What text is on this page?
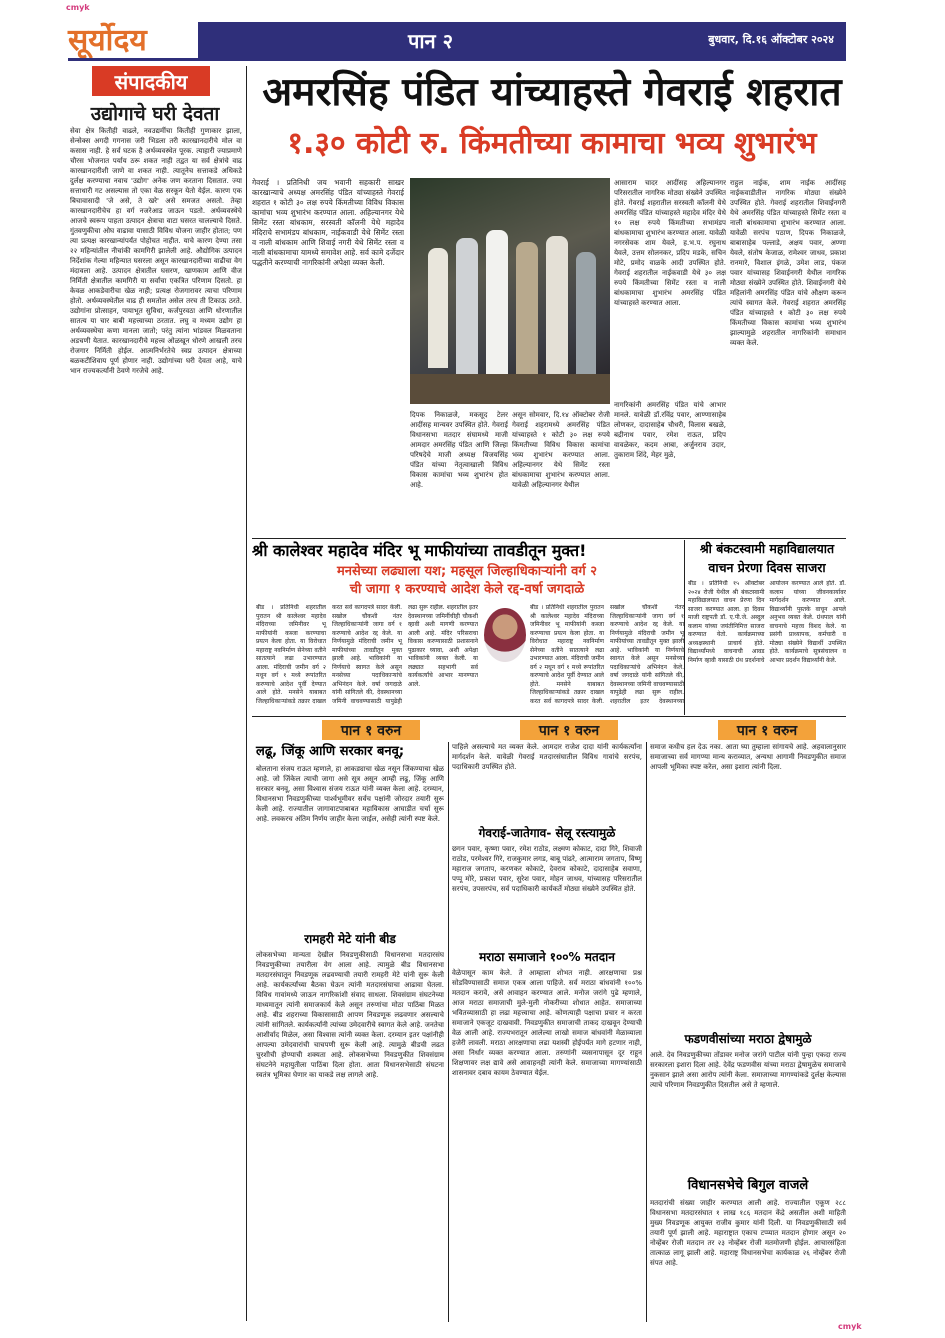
cmyk
cmyk
सूर्योदय	पान २	बुधवार, दि.१६ ऑक्टोबर २०२४
संपादकीय
उद्योगाचे घरी देवता
सेवा क्षेत्र कितीही वाढले, नवउद्यमींचा कितीही गुणाकार झाला, सेन्सेक्स अगदी गगनास जरी भिडला तरी कारखानदारीचे मोल वा कसास नाही. हे सर्व घटक है अर्थव्यवस्थेत पूरक. त्याहारी ज्याप्रमाणे चौरस भोजनात पर्याय ठरू शकत नाही तद्वत या सर्व क्षेत्रांचे वाढ कारखानदारीशी जाणे वा शकत नाही. त्यातूनेच सत्ताकडे अधिकडे दुर्लक्ष करण्याचा नवाच 'उद्योग' अनेक जण करताना दिसतात. ज्या सत्ताधारी गट असल्यास तो एका वेळ सरकून येतो येईल. कारण एक बिचावासादी 'जे असे, ते खरे' असे समजत असतो. तेव्हा कारखानदारीचेच हा वर्ग नजरेआड जाऊन पडतो. अर्थव्यवस्थेचे आजचे स्वरूप पाहता उत्पादन क्षेत्राचा वाटा घसरत चालल्याचे दिसते. गुंतवणुकीचा ओघ वाढावा यासाठी विविध योजना जाहीर होतात; पण त्या प्रत्यक्ष कारखान्यांपर्यंत पोहोचत नाहीत. याचे कारण देण्या तसा २२ महिन्यांतील नीचांकी कामगिरी झालेली आहे. औद्योगिक उत्पादन निर्देशांक गेल्या महिन्यात घसरला असून कारखानदारीच्या वाढीचा वेग मंदावला आहे. उत्पादन क्षेत्रातील घसरण, खाणकाम आणि वीज निर्मिती क्षेत्रातील कामगिरी या सर्वांचा एकत्रित परिणाम दिसतो. हा केवळ आकडेवारीचा खेळ नाही; प्रत्यक्ष रोजगारावर त्याचा परिणाम होतो. अर्थव्यवस्थेतील वाढ ही समतोल असेल तरच ती टिकाऊ ठरते. उद्योगांना प्रोत्साहन, पायाभूत सुविधा, कर्जपुरवठा आणि धोरणातील सातत्य या चार बाबी महत्त्वाच्या ठरतात. लघु व मध्यम उद्योग हा अर्थव्यवस्थेचा कणा मानला जातो; परंतु त्यांना भांडवल मिळवताना अडचणी येतात. कारखानदारीचे महत्त्व ओळखून धोरणे आखली तरच रोजगार निर्मिती होईल. आत्मनिर्भरतेचे स्वप्न उत्पादन क्षेत्राच्या बळकटीशिवाय पूर्ण होणार नाही. उद्योगांच्या घरी देवता आहे, याचे भान राज्यकर्त्यांनी ठेवणे गरजेचे आहे.
अमरसिंह पंडित यांच्याहस्ते गेवराई शहरात
१.३० कोटी रु. किंमतीच्या कामाचा भव्य शुभारंभ
गेवराई । प्रतिनिधी जय भवानी सहकारी साखर कारखान्याचे अध्यक्ष अमरसिंह पंडित यांच्याहस्ते गेवराई शहरात १ कोटी ३० लक्ष रुपये किंमतीच्या विविध विकास कामांचा भव्य शुभारंभ करण्यात आला. अहिल्यानगर येथे सिमेंट रस्ता बांधकाम, सरस्वती कॉलनी येथे महादेव मंदिराचे सभामंडप बांधकाम, नाईकवाडी येथे सिमेंट रस्ता व नाली बांधकाम आणि शिवाई नगरी येथे सिमेंट रस्ता व नाली बांधकामाचा यामध्ये समावेश आहे. सर्व कामे दर्जेदार पद्धतीने करण्याची नागरिकांनी अपेक्षा व्यक्त केली.
दिपक निकाळजे, मकसूद टेलर आदींसह मान्यवर उपस्थित होते. गेवराई विधानसभा मतदार संघामध्ये माजी आमदार अमरसिंह पंडित आणि जिल्हा परिषदेचे माजी अध्यक्ष विजयसिंह पंडित यांच्या नेतृत्वाखाली विविध विकास कामांचा भव्य शुभारंभ होत आहे.
असून सोमवार, दि.१४ ऑक्टोबर रोजी गेवराई शहरामध्ये अमरसिंह पंडित यांच्याहस्ते १ कोटी ३० लक्ष रुपये किंमतीच्या विविध विकास कामांचा भव्य शुभारंभ करण्यात आला. अहिल्यानगर येथे सिमेंट रस्ता बांधकामाचा शुभारंभ करण्यात आला. यावेळी अहिल्यानगर येथील
आसाराम चादर आदींसह अहिल्यानगर परिसरातील नागरिक मोठ्या संख्येने उपस्थित होते. गेवराई शहरातील सरस्वती कॉलनी येथे अमरसिंह पंडित यांच्याहस्ते महादेव मंदिर येथे १० लक्ष रुपये किंमतीच्या सभामंडप बांधकामाचा शुभारंभ करण्यात आला. यावेळी नगरसेवक शाम येवले, ह.भ.प. रघुनाथ येवले, उत्तम सोलनकर, प्रदिप मडके, सचिन मोटे, प्रमोद वाळके आदी उपस्थित होते. गेवराई शहरातील नाईकवाडी येथे ३० लक्ष रुपये किंमतीच्या सिमेंट रस्ता व नाली बांधकामाचा शुभारंभ अमरसिंह पंडित यांच्याहस्ते करण्यात आला.
नागरिकांनी अमरसिंह पंडित यांचे आभार मानले. यावेळी डॉ.रविंद्र पवार, आण्णासाहेब लोणकर, दादासाहेब चौधरी, विलास बखळे, बद्रीनाथ पवार, रमेश राऊत, प्रदिप वावळेकर, कदम आबा, अर्जुनराव उदार, तुकाराम शिंदे, मेहर मुळे,
राहुल नाईक, शाम नाईक आदींसह नाईकवाडीतील नागरिक मोठ्या संख्येने उपस्थित होते. गेवराई शहरातील शिवाईनगरी येथे अमरसिंह पंडित यांच्याहस्ते सिमेंट रस्ता व नाली बांधकामाचा शुभारंभ करण्यात आला. यावेळी सरपंच पठाण, दिपक निकाळजे, बाबासाहेब पल्लाडे, अक्षय पवार, अण्णा येवले, संतोष केजाळ, रामेश्वर जाधव, प्रकाश रानमारे, विशाल इंगळे, उमेश लाड, पंकज पवार यांच्यासह शिवाईनगरी येथील नागरिक मोठ्या संख्येने उपस्थित होते. शिवाईनगरी येथे महिलांनी अमरसिंह पंडित यांचे औक्षण करून त्यांचे स्वागत केले. गेवराई शहरात अमरसिंह पंडित यांच्याहस्ते १ कोटी ३० लक्ष रुपये किंमतीच्या विकास कामांचा भव्य शुभारंभ झाल्यामुळे शहरातील नागरिकांनी समाधान व्यक्त केले.
श्री कालेश्वर महादेव मंदिर भू माफीयांच्या तावडीतून मुक्त!
मनसेच्या लढ्याला यश; महसूल जिल्हाधिकाऱ्यांनी वर्ग २
ची जागा १ करण्याचे आदेश केले रद्द-वर्षा जगदाळे
बीड । प्रतिनिधी शहरातील पुरातन श्री कालेश्वर महादेव मंदिराच्या जमिनीवर भू माफीयांनी कब्जा करण्याचा प्रयत्न केला होता. या विरोधात महाराष्ट्र नवनिर्माण सेनेच्या वतीने सातत्याने लढा उभारण्यात आला. मंदिराची जमीन वर्ग २ मधून वर्ग १ मध्ये रूपांतरित करण्याचे आदेश पूर्वी देण्यात आले होते. मनसेने याबाबत जिल्हाधिकाऱ्यांकडे तक्रार दाखल करत सर्व कागदपत्रे सादर केली. सखोल चौकशी नंतर जिल्हाधिकाऱ्यांनी जागा वर्ग १ करण्याचे आदेश रद्द केले. या निर्णयामुळे मंदिराची जमीन भू माफीयांच्या तावडीतून मुक्त झाली आहे. भाविकांनी या निर्णयाचे स्वागत केले असून मनसेच्या पदाधिकाऱ्यांचे अभिनंदन केले. वर्षा जगदाळे यांनी सांगितले की, देवस्थानच्या जमिनी वाचवण्यासाठी यापुढेही लढा सुरू राहील. शहरातील इतर देवस्थानच्या जमिनींचीही चौकशी व्हावी अशी मागणी करण्यात आली आहे. मंदिर परिसराचा विकास करण्यासाठी प्रशासनाने पुढाकार घ्यावा, अशी अपेक्षा भाविकांनी व्यक्त केली. या लढ्यात सहभागी सर्व कार्यकर्त्यांचे आभार मानण्यात आले.
बीड । प्रतिनिधी शहरातील पुरातन श्री कालेश्वर महादेव मंदिराच्या जमिनीवर भू माफीयांनी कब्जा करण्याचा प्रयत्न केला होता. या विरोधात महाराष्ट्र नवनिर्माण सेनेच्या वतीने सातत्याने लढा उभारण्यात आला. मंदिराची जमीन वर्ग २ मधून वर्ग १ मध्ये रूपांतरित करण्याचे आदेश पूर्वी देण्यात आले होते. मनसेने याबाबत जिल्हाधिकाऱ्यांकडे तक्रार दाखल करत सर्व कागदपत्रे सादर केली. सखोल चौकशी नंतर जिल्हाधिकाऱ्यांनी जागा वर्ग १ करण्याचे आदेश रद्द केले. या निर्णयामुळे मंदिराची जमीन भू माफीयांच्या तावडीतून मुक्त झाली आहे. भाविकांनी या निर्णयाचे स्वागत केले असून मनसेच्या पदाधिकाऱ्यांचे अभिनंदन केले. वर्षा जगदाळे यांनी सांगितले की, देवस्थानच्या जमिनी वाचवण्यासाठी यापुढेही लढा सुरू राहील. शहरातील इतर देवस्थानच्या
श्री बंकटस्वामी महाविद्यालयात
वाचन प्रेरणा दिवस साजरा
बीड । प्रतिनिधी १५ ऑक्टोबर २०२४ रोजी येथील श्री बंकटस्वामी महाविद्यालयात वाचन प्रेरणा दिन साजरा करण्यात आला. हा दिवस माजी राष्ट्रपती डॉ. ए.पी.जे. अब्दुल कलाम यांच्या जयंतीनिमित्त साजरा करण्यात येतो. कार्यक्रमाच्या अध्यक्षस्थानी प्राचार्य होते. विद्यार्थ्यांमध्ये वाचनाची आवड निर्माण व्हावी यासाठी ग्रंथ प्रदर्शनाचे आयोजन करण्यात आले होते. डॉ. कलाम यांच्या जीवनकार्यावर मार्गदर्शन करण्यात आले. विद्यार्थ्यांनी पुस्तके वाचून आपले अनुभव व्यक्त केले. ग्रंथपाल यांनी वाचनाचे महत्त्व विशद केले. या प्रसंगी प्राध्यापक, कर्मचारी व मोठ्या संख्येने विद्यार्थी उपस्थित होते. कार्यक्रमाचे सूत्रसंचालन व आभार प्रदर्शन विद्यार्थ्यांनी केले.
पान १ वरुन	पान १ वरुन	पान १ वरुन
लढू, जिंकू आणि सरकार बनवू;
बोलताना संजय राऊत म्हणाले, हा आकड्याचा खेळ नसून जिंकण्याचा खेळ आहे. जो जिंकेल त्याची जागा असे सूत्र असून आम्ही लढू, जिंकू आणि सरकार बनवू, असा विश्वास संजय राऊत यांनी व्यक्त केला आहे. दरम्यान, विधानसभा निवडणुकीच्या पार्श्वभूमीवर सर्वच पक्षांनी जोरदार तयारी सुरू केली आहे. राज्यातील जागावाटपाबाबत महाविकास आघाडीत चर्चा सुरू आहे. लवकरच अंतिम निर्णय जाहीर केला जाईल, असेही त्यांनी स्पष्ट केले.
रामहरी मेटे यांनी बीड
लोकसभेच्या मान्यता देखील निवडणुकीसाठी विधानसभा मतदारसंघ निवडणुकीच्या तयारीला वेग आला आहे. त्यामुळे बीड विधानसभा मतदारसंघातून निवडणूक लढवण्याची तयारी रामहरी मेटे यांनी सुरू केली आहे. कार्यकर्त्यांच्या बैठका घेऊन त्यांनी मतदारसंघाचा आढावा घेतला. विविध गावांमध्ये जाऊन नागरिकांशी संवाद साधला. शिवसंग्राम संघटनेच्या माध्यमातून त्यांनी समाजकार्य केले असून तरुणांचा मोठा पाठिंबा मिळत आहे. बीड शहराच्या विकासासाठी आपण निवडणूक लढवणार असल्याचे त्यांनी सांगितले. कार्यकर्त्यांनी त्यांच्या उमेदवारीचे स्वागत केले आहे. जनतेचा आशीर्वाद मिळेल, असा विश्वास त्यांनी व्यक्त केला. दरम्यान इतर पक्षांनीही आपल्या उमेदवारांची चाचपणी सुरू केली आहे. त्यामुळे बीडची लढत चुरशीची होण्याची शक्यता आहे. लोकसभेच्या निवडणुकीत शिवसंग्राम संघटनेने महायुतीला पाठिंबा दिला होता. आता विधानसभेसाठी संघटना स्वतंत्र भूमिका घेणार का याकडे लक्ष लागले आहे.
पाहिले असल्याचे मत व्यक्त केले. आमदार राजेश दादा यांनी कार्यकर्त्यांना मार्गदर्शन केले. यावेळी गेवराई मतदारसंघातील विविध गावांचे सरपंच, पदाधिकारी उपस्थित होते.
गेवराई-जातेगाव- सेलू रस्त्यामुळे
छगन पवार, कृष्णा पवार, रमेश राठोड, लक्ष्मण कोकाट, दादा गिरे, शिवाजी राठोड, परमेश्वर गिरे, राजकुमार लगड, बाबू पांढरे, आत्माराम जगताप, विष्णू महाराज जगताप, करणकर कोकाटे, देवराव कोकाटे, दादासाहेब सवाणा, पप्पू मोरे, प्रकाश पवार, सुरेश पवार, मोहन जाधव, यांच्यासह परिसरातील सरपंच, उपसरपंच, सर्व पदाधिकारी कार्यकर्ते मोठ्या संख्येने उपस्थित होते.
मराठा समाजाने १००% मतदान
वेळेपासून काम केले. ते आम्हाला शोभत नाही. आरक्षणाचा प्रश्न सोडविण्यासाठी समाज एकत्र आला पाहिजे. सर्व मराठा बांधवांनी १००% मतदान करावे, असे आवाहन करण्यात आले. मनोज जरांगे पुढे म्हणाले, आज मराठा समाजाची मुले-मुली नोकरीच्या शोधात आहेत. समाजाच्या भवितव्यासाठी हा लढा महत्त्वाचा आहे. कोणत्याही पक्षाचा प्रचार न करता समाजाने एकजूट दाखवावी. निवडणुकीत समाजाची ताकद दाखवून देण्याची वेळ आली आहे. राज्यभरातून आलेल्या लाखो समाज बांधवांनी मेळाव्याला हजेरी लावली. मराठा आरक्षणाचा लढा यशस्वी होईपर्यंत मागे हटणार नाही, असा निर्धार व्यक्त करण्यात आला. तरुणांनी व्यसनापासून दूर राहून शिक्षणावर लक्ष द्यावे असे आवाहनही त्यांनी केले. समाजाच्या मागण्यांसाठी शासनावर दबाव कायम ठेवण्यात येईल.
समाज कधीच हल देऊ नका. आता घ्या तुम्हाला सांगायचे आहे. अहवालानुसार समाजाच्या सर्व मागण्या मान्य कराव्यात, अन्यथा आगामी निवडणुकीत समाज आपली भूमिका स्पष्ट करेल, असा इशारा त्यांनी दिला.
फडणवीसांच्या मराठा द्वेषामुळे
आले. देव निवडणुकीच्या तोंडावर मनोज जरांगे पाटील यांनी पुन्हा एकदा राज्य सरकारला इशारा दिला आहे. देवेंद्र फडणवीस यांच्या मराठा द्वेषामुळेच समाजाचे नुकसान झाले असा आरोप त्यांनी केला. समाजाच्या मागण्यांकडे दुर्लक्ष केल्यास त्याचे परिणाम निवडणुकीत दिसतील असे ते म्हणाले.
विधानसभेचे बिगुल वाजले
मतदारांची संख्या जाहीर करण्यात आली आहे. राज्यातील एकूण २८८ विधानसभा मतदारसंघात १ लाख १८६ मतदान केंद्रे असतील अशी माहिती मुख्य निवडणूक आयुक्त राजीव कुमार यांनी दिली. या निवडणुकीसाठी सर्व तयारी पूर्ण झाली आहे. महाराष्ट्रात एकाच टप्प्यात मतदान होणार असून २० नोव्हेंबर रोजी मतदान तर २३ नोव्हेंबर रोजी मतमोजणी होईल. आचारसंहिता तात्काळ लागू झाली आहे. महाराष्ट्र विधानसभेचा कार्यकाळ २६ नोव्हेंबर रोजी संपत आहे.
